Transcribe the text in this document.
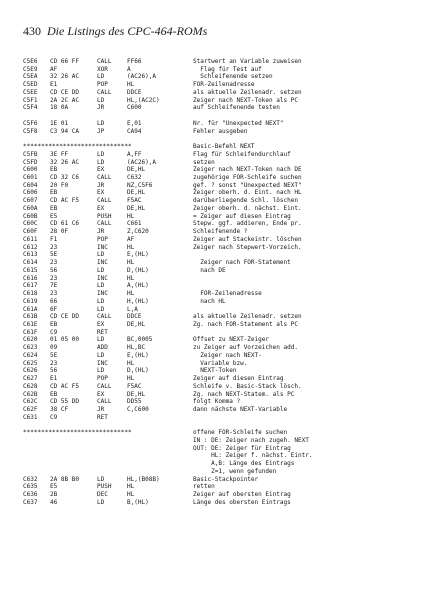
430 Die Listings des CPC-464-ROMs
C5E6 CD 66 FF	CALL	FF66	Startwert an Variable zuweisen
C5E9 AF	XOR	A	Flag für Test auf
C5EA 32 26 AC	LD	(AC26),A	Schleifenende setzen
C5ED E1	POP	HL	FOR-Zeilenadresse
C5EE CD CE DD	CALL	DDCE	als aktuelle Zeilenadr. setzen
C5F1 2A 2C AC	LD	HL,(AC2C)	Zeiger nach NEXT-Token als PC
C5F4 18 0A	JR	C600	auf Schleifenende testen
C5F6 1E 01	LD	E,01	Nr. für "Unexpected NEXT"
C5F8 C3 94 CA	JP	CA94	Fehler ausgeben
******************************	Basic-Befehl NEXT
C5FB 3E FF	LD	A,FF	Flag für Schleifendurchlauf
C5FD 32 26 AC	LD	(AC26),A	setzen
C600 EB	EX	DE,HL	Zeiger nach NEXT-Token nach DE
C601 CD 32 C6	CALL	C632	zugehörige FOR-Schleife suchen
C604 20 F0	JR	NZ,C5F6	gef. ? sonst "Unexpected NEXT"
C606 EB	EX	DE,HL	Zeiger oberh. d. Eint. nach HL
C607 CD AC F5	CALL	F5AC	darüberliegende Schl. löschen
C60A EB	EX	DE,HL	Zeiger oberh. d. nächst. Eint.
C60B E5	PUSH	HL	= Zeiger auf diesen Eintrag
C60C CD 61 C6	CALL	C661	Stepw. ggf. addieren, Ende pr.
C60F 28 0F	JR	Z,C620	Schleifenende ?
C611 F1	POP	AF	Zeiger auf Stackeintr. löschen
C612 23	INC	HL	Zeiger nach Stepwert-Vorzeich.
C613 5E	LD	E,(HL)
C614 23	INC	HL	Zeiger nach FOR-Statement
C615 56	LD	D,(HL)	nach DE
C616 23	INC	HL
C617 7E	LD	A,(HL)
C618 23	INC	HL	FOR-Zeilenadresse
C619 66	LD	H,(HL)	nach HL
C61A 6F	LD	L,A
C61B CD CE DD	CALL	DDCE	als aktuelle Zeilenadr. setzen
C61E EB	EX	DE,HL	Zg. nach FOR-Statement als PC
C61F C9	RET
C620 01 05 00	LD	BC,0005	Offset zu NEXT-Zeiger
C623 09	ADD	HL,BC	zu Zeiger auf Vorzeichen add.
C624 5E	LD	E,(HL)	Zeiger nach NEXT-
C625 23	INC	HL	Variable bzw.
C626 56	LD	D,(HL)	NEXT-Token
C627 E1	POP	HL	Zeiger auf diesen Eintrag
C628 CD AC F5	CALL	F5AC	Schleife v. Basic-Stack lösch.
C62B EB	EX	DE,HL	Zg. nach NEXT-Statem. als PC
C62C CD 55 DD	CALL	DD55	folgt Komma ?
C62F 38 CF	JR	C,C600	dann nächste NEXT-Variable
C631 C9	RET
******************************	offene FOR-Schleife suchen
IN : DE: Zeiger nach zugeh. NEXT
OUT: DE: Zeiger für Eintrag
HL: Zeiger f. nächst. Eintr.
A,B: Länge des Eintrags
Z=1, wenn gefunden
C632 2A 8B B0	LD	HL,(B08B)	Basic-Stackpointer
C635 E5	PUSH	HL	retten
C636 2B	DEC	HL	Zeiger auf obersten Eintrag
C637 46	LD	B,(HL)	Länge des obersten Eintrags
